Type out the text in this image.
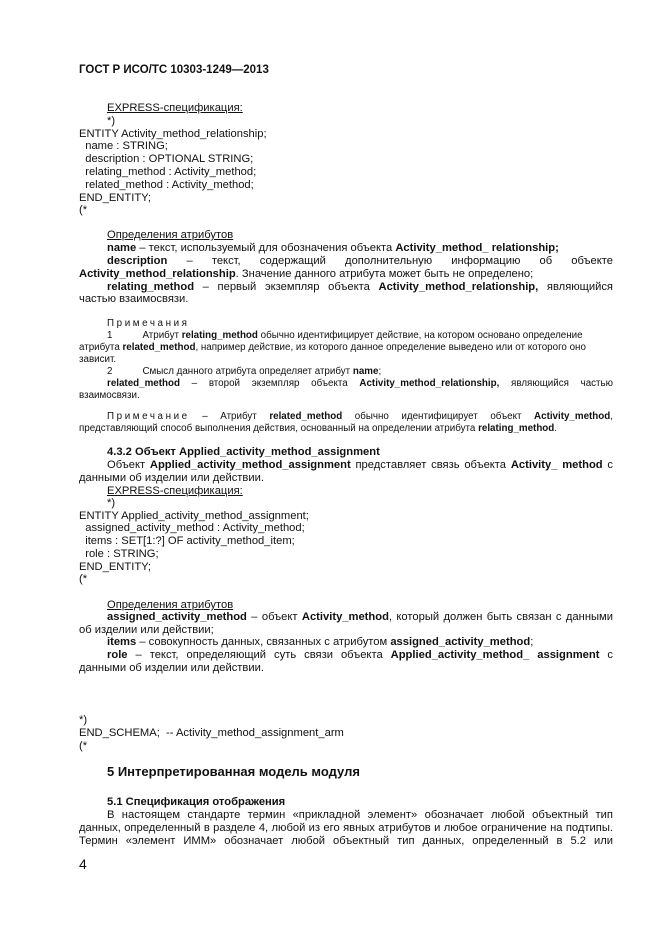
ГОСТ Р ИСО/ТС 10303-1249—2013
EXPRESS-спецификация:
*)
ENTITY Activity_method_relationship;
name : STRING;
description : OPTIONAL STRING;
relating_method : Activity_method;
related_method : Activity_method;
END_ENTITY;
(*
Определения атрибутов
name – текст, используемый для обозначения объекта Activity_method_ relationship;
description  –  текст,  содержащий  дополнительную  информацию  об  объекте
Activity_method_relationship. Значение данного атрибута может быть не определено;
relating_method – первый экземпляр объекта Activity_method_relationship, являющийся
частью взаимосвязи.
Примечания
1	Атрибут relating_method обычно идентифицирует действие, на котором основано определение
атрибута related_method, например действие, из которого данное определение выведено или от которого оно
зависит.
2	Смысл данного атрибута определяет атрибут name;
related_method – второй экземпляр объекта Activity_method_relationship, являющийся частью
взаимосвязи.
Примечание – Атрибут related_method обычно идентифицирует объект Activity_method,
представляющий способ выполнения действия, основанный на определении атрибута relating_method.
4.3.2 Объект Applied_activity_method_assignment
Объект Applied_activity_method_assignment представляет связь объекта Activity_ method с
данными об изделии или действии.
EXPRESS-спецификация:
*)
ENTITY Applied_activity_method_assignment;
assigned_activity_method : Activity_method;
items : SET[1:?] OF activity_method_item;
role : STRING;
END_ENTITY;
(*
Определения атрибутов
assigned_activity_method – объект Activity_method, который должен быть связан с данными
об изделии или действии;
items – совокупность данных, связанных с атрибутом assigned_activity_method;
role – текст, определяющий суть связи объекта Applied_activity_method_ assignment с
данными об изделии или действии.
*)
END_SCHEMA;  -- Activity_method_assignment_arm
(*
5 Интерпретированная модель модуля
5.1 Спецификация отображения
В настоящем стандарте термин «прикладной элемент» обозначает любой объектный тип
данных, определенный в разделе 4, любой из его явных атрибутов и любое ограничение на подтипы.
Термин «элемент ИММ» обозначает любой объектный тип данных, определенный в 5.2 или
4
